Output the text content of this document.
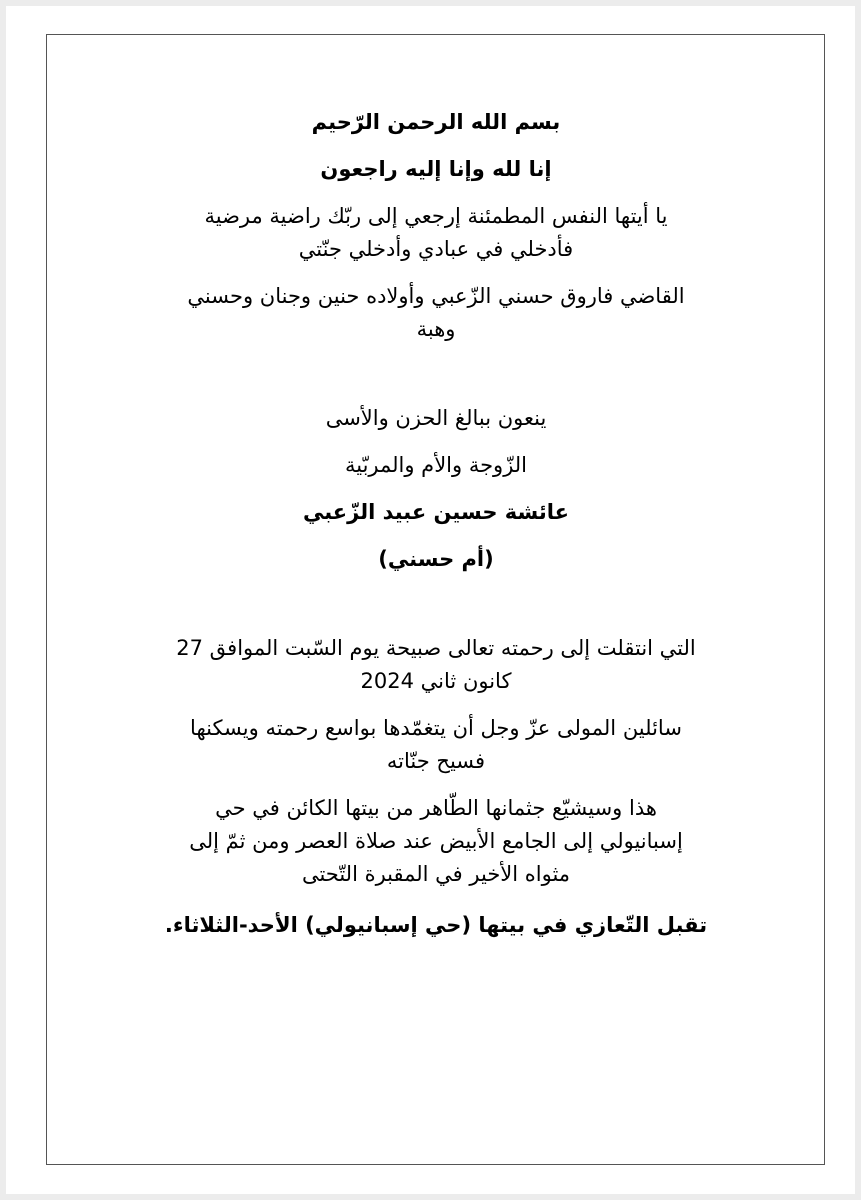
بسم الله الرحمن الرّحيم

إنا لله وإنا إليه راجعون

يا أيتها النفس المطمئنة إرجعي إلى ربّك راضية مرضية

فأدخلي في عبادي وأدخلي جنّتي

القاضي فاروق حسني الزّعبي وأولاده حنين وجنان وحسني

وهبة

ينعون ببالغ الحزن والأسى

الزّوجة والأم والمربّية

عائشة حسين عبيد الزّعبي

(أم حسني)

التي انتقلت إلى رحمته تعالى صبيحة يوم السّبت الموافق 27

كانون ثاني 2024

سائلين المولى عزّ وجل أن يتغمّدها بواسع رحمته ويسكنها

فسيح جنّاته

هذا وسيشيّع جثمانها الطّاهر من بيتها الكائن في حي

إسبانيولي إلى الجامع الأبيض عند صلاة العصر ومن ثمّ إلى

مثواه الأخير في المقبرة التّحتى

تقبل التّعازي في بيتها (حي إسبانيولي) الأحد-الثلاثاء.
